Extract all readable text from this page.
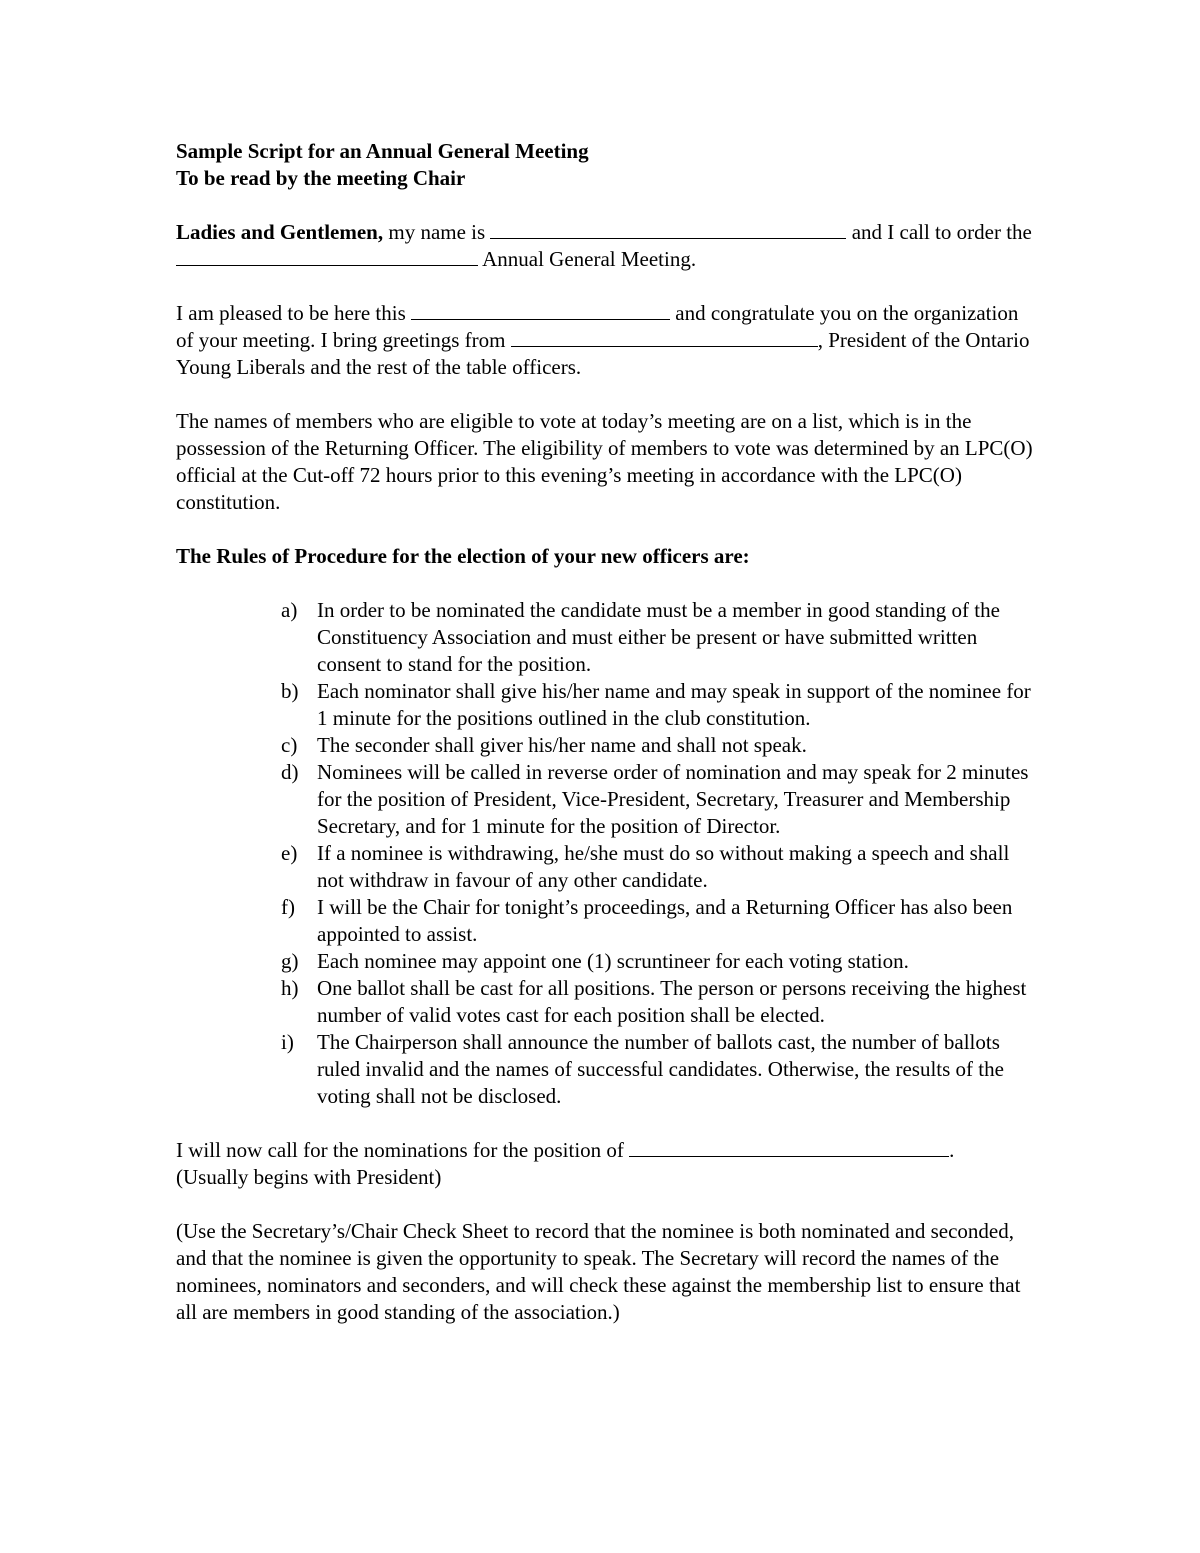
Sample Script for an Annual General Meeting
To be read by the meeting Chair

Ladies and Gentlemen, my name is	and I call to order the  Annual General Meeting.

I am pleased to be here this	and congratulate you on the organization of your meeting. I bring greetings from	, President of the Ontario Young Liberals and the rest of the table officers.

The names of members who are eligible to vote at today’s meeting are on a list, which is in the possession of the Returning Officer. The eligibility of members to vote was determined by an LPC(O) official at the Cut-off 72 hours prior to this evening’s meeting in accordance with the LPC(O) constitution.

The Rules of Procedure for the election of your new officers are:

a) In order to be nominated the candidate must be a member in good standing of the Constituency Association and must either be present or have submitted written consent to stand for the position.
b) Each nominator shall give his/her name and may speak in support of the nominee for 1 minute for the positions outlined in the club constitution.
c) The seconder shall giver his/her name and shall not speak.
d) Nominees will be called in reverse order of nomination and may speak for 2 minutes for the position of President, Vice-President, Secretary, Treasurer and Membership Secretary, and for 1 minute for the position of Director.
e) If a nominee is withdrawing, he/she must do so without making a speech and shall not withdraw in favour of any other candidate.
f) I will be the Chair for tonight’s proceedings, and a Returning Officer has also been appointed to assist.
g) Each nominee may appoint one (1) scruntineer for each voting station.
h) One ballot shall be cast for all positions. The person or persons receiving the highest number of valid votes cast for each position shall be elected.
i) The Chairperson shall announce the number of ballots cast, the number of ballots ruled invalid and the names of successful candidates. Otherwise, the results of the voting shall not be disclosed.

I will now call for the nominations for the position of	.
(Usually begins with President)

(Use the Secretary’s/Chair Check Sheet to record that the nominee is both nominated and seconded, and that the nominee is given the opportunity to speak. The Secretary will record the names of the nominees, nominators and seconders, and will check these against the membership list to ensure that all are members in good standing of the association.)
